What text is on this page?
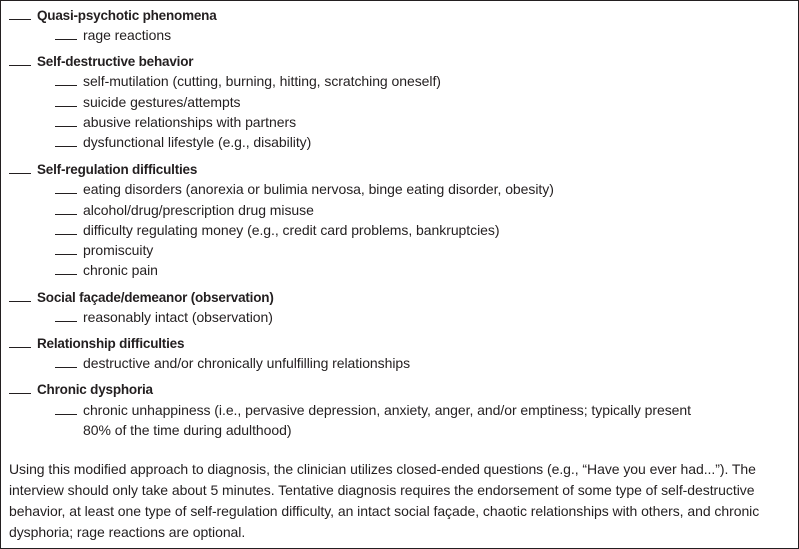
Quasi-psychotic phenomena
rage reactions
Self-destructive behavior
self-mutilation (cutting, burning, hitting, scratching oneself)
suicide gestures/attempts
abusive relationships with partners
dysfunctional lifestyle (e.g., disability)
Self-regulation difficulties
eating disorders (anorexia or bulimia nervosa, binge eating disorder, obesity)
alcohol/drug/prescription drug misuse
difficulty regulating money (e.g., credit card problems, bankruptcies)
promiscuity
chronic pain
Social façade/demeanor (observation)
reasonably intact (observation)
Relationship difficulties
destructive and/or chronically unfulfilling relationships
Chronic dysphoria
chronic unhappiness (i.e., pervasive depression, anxiety, anger, and/or emptiness; typically present
80% of the time during adulthood)
Using this modified approach to diagnosis, the clinician utilizes closed-ended questions (e.g., “Have you ever had...”). The interview should only take about 5 minutes. Tentative diagnosis requires the endorsement of some type of self-destructive behavior, at least one type of self-regulation difficulty, an intact social façade, chaotic relationships with others, and chronic dysphoria; rage reactions are optional.
